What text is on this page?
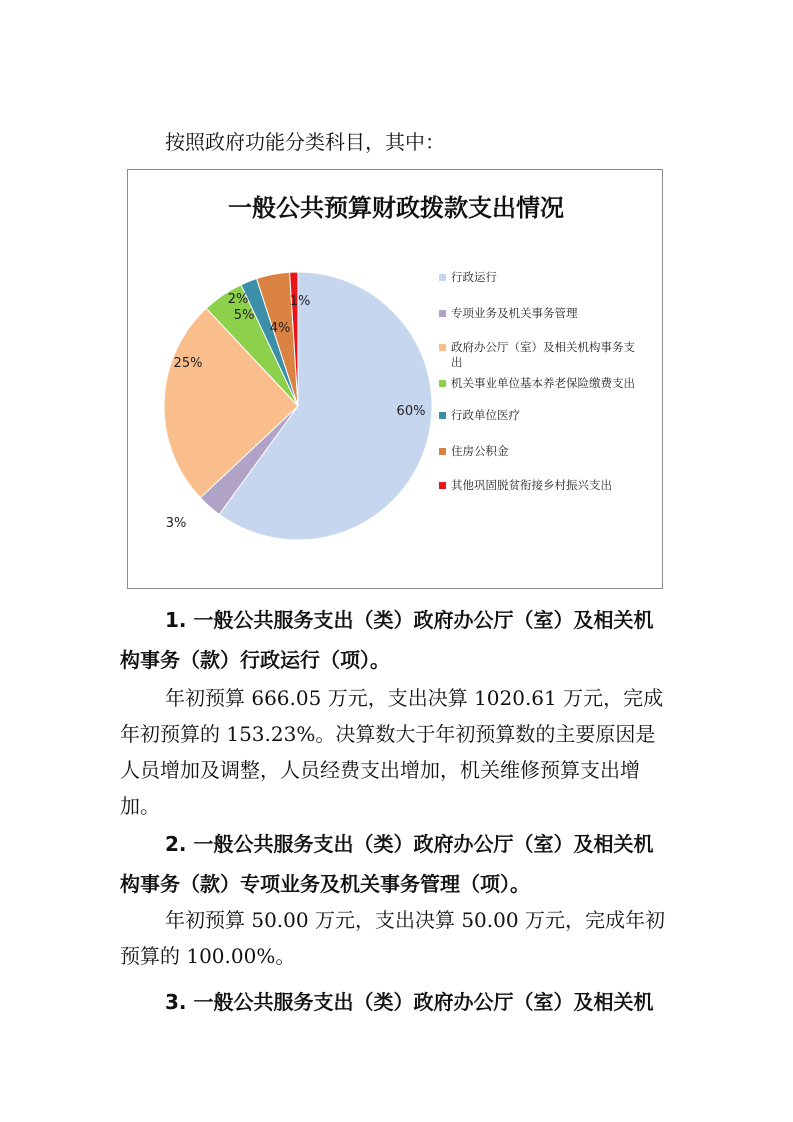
按照政府功能分类科目，其中：
一般公共预算财政拨款支出情况
60%
3%
25%
5%
2%
4%
1%
行政运行
专项业务及机关事务管理
政府办公厅（室）及相关机构事务支出
机关事业单位基本养老保险缴费支出
行政单位医疗
住房公积金
其他巩固脱贫衔接乡村振兴支出
1. 一般公共服务支出（类）政府办公厅（室）及相关机
构事务（款）行政运行（项）。
年初预算 666.05 万元，支出决算 1020.61 万元，完成
年初预算的 153.23%。决算数大于年初预算数的主要原因是
人员增加及调整，人员经费支出增加，机关维修预算支出增
加。
2. 一般公共服务支出（类）政府办公厅（室）及相关机
构事务（款）专项业务及机关事务管理（项）。
年初预算 50.00 万元，支出决算 50.00 万元，完成年初
预算的 100.00%。
3. 一般公共服务支出（类）政府办公厅（室）及相关机
